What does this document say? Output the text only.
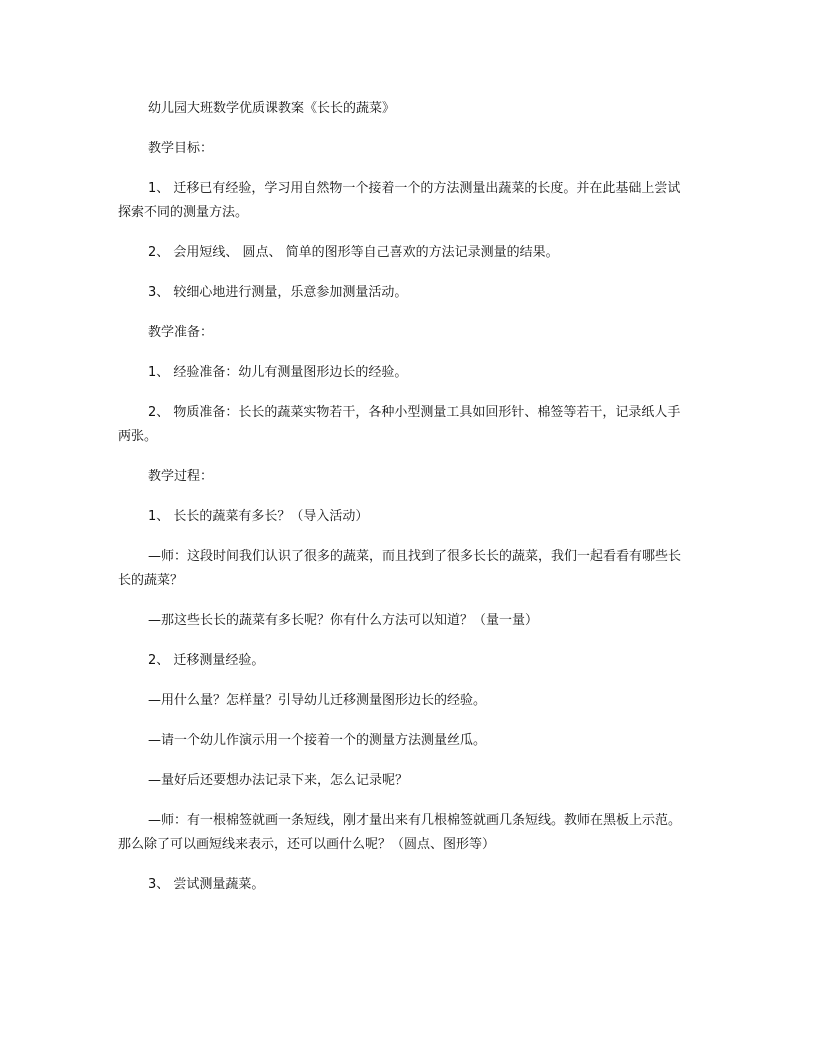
幼儿园大班数学优质课教案《长长的蔬菜》

教学目标：

1、 迁移已有经验，学习用自然物一个接着一个的方法测量出蔬菜的长度。并在此基础上尝试探索不同的测量方法。

2、 会用短线、 圆点、 简单的图形等自己喜欢的方法记录测量的结果。

3、 较细心地进行测量，乐意参加测量活动。

教学准备：

1、 经验准备：幼儿有测量图形边长的经验。

2、 物质准备：长长的蔬菜实物若干，各种小型测量工具如回形针、棉签等若干，记录纸人手两张。

教学过程：

1、 长长的蔬菜有多长？（导入活动）

—师：这段时间我们认识了很多的蔬菜，而且找到了很多长长的蔬菜，我们一起看看有哪些长长的蔬菜？

—那这些长长的蔬菜有多长呢？你有什么方法可以知道？（量一量）

2、 迁移测量经验。

—用什么量？怎样量？引导幼儿迁移测量图形边长的经验。

—请一个幼儿作演示用一个接着一个的测量方法测量丝瓜。

—量好后还要想办法记录下来，怎么记录呢？

—师：有一根棉签就画一条短线，刚才量出来有几根棉签就画几条短线。教师在黑板上示范。那么除了可以画短线来表示，还可以画什么呢？（圆点、图形等）

3、 尝试测量蔬菜。
